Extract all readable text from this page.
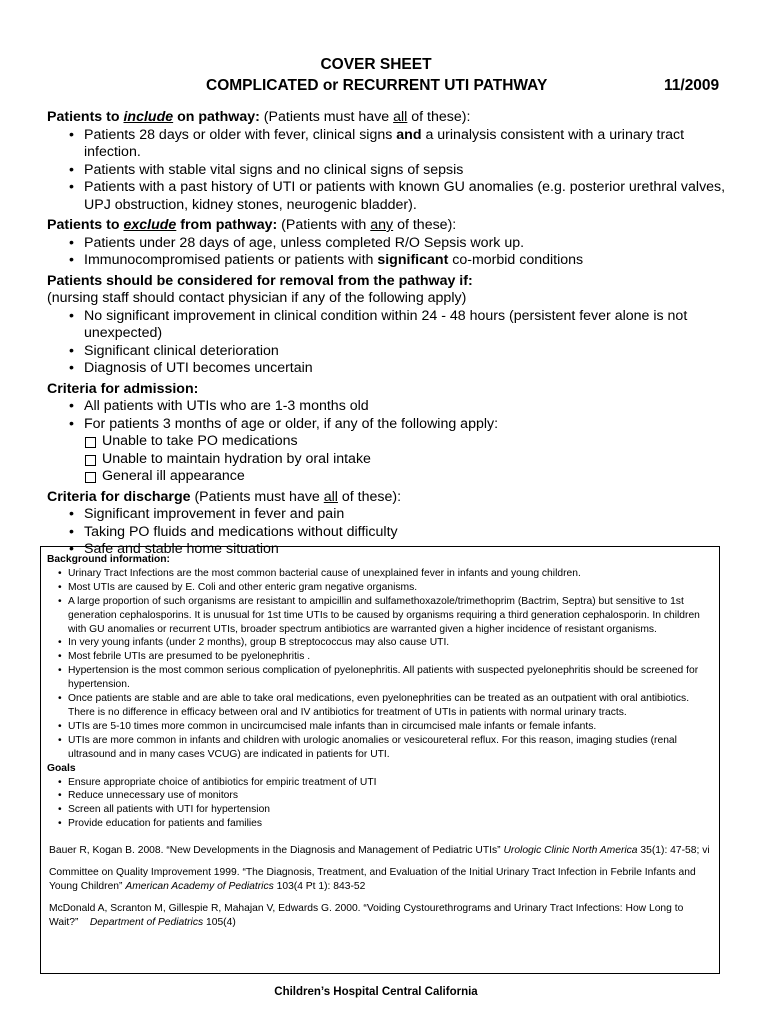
COVER SHEET
COMPLICATED or RECURRENT UTI PATHWAY	11/2009
Patients to include on pathway: (Patients must have all of these):
• Patients 28 days or older with fever, clinical signs and a urinalysis consistent with a urinary tract infection.
• Patients with stable vital signs and no clinical signs of sepsis
• Patients with a past history of UTI or patients with known GU anomalies (e.g. posterior urethral valves, UPJ obstruction, kidney stones, neurogenic bladder).
Patients to exclude from pathway: (Patients with any of these):
• Patients under 28 days of age, unless completed R/O Sepsis work up.
• Immunocompromised patients or patients with significant co-morbid conditions
Patients should be considered for removal from the pathway if:
(nursing staff should contact physician if any of the following apply)
• No significant improvement in clinical condition within 24 - 48 hours (persistent fever alone is not unexpected)
• Significant clinical deterioration
• Diagnosis of UTI becomes uncertain
Criteria for admission:
• All patients with UTIs who are 1-3 months old
• For patients 3 months of age or older, if any of the following apply:
Unable to take PO medications
Unable to maintain hydration by oral intake
General ill appearance
Criteria for discharge (Patients must have all of these):
• Significant improvement in fever and pain
• Taking PO fluids and medications without difficulty
• Safe and stable home situation
Background information:
• Urinary Tract Infections are the most common bacterial cause of unexplained fever in infants and young children.
• Most UTIs are caused by E. Coli and other enteric gram negative organisms.
• A large proportion of such organisms are resistant to ampicillin and sulfamethoxazole/trimethoprim (Bactrim, Septra) but sensitive to 1st generation cephalosporins. It is unusual for 1st time UTIs to be caused by organisms requiring a third generation cephalosporin. In children with GU anomalies or recurrent UTIs, broader spectrum antibiotics are warranted given a higher incidence of resistant organisms.
• In very young infants (under 2 months), group B streptococcus may also cause UTI.
• Most febrile UTIs are presumed to be pyelonephritis .
• Hypertension is the most common serious complication of pyelonephritis. All patients with suspected pyelonephritis should be screened for hypertension.
• Once patients are stable and are able to take oral medications, even pyelonephrities can be treated as an outpatient with oral antibiotics. There is no difference in efficacy between oral and IV antibiotics for treatment of UTIs in patients with normal urinary tracts.
• UTIs are 5-10 times more common in uncircumcised male infants than in circumcised male infants or female infants.
• UTIs are more common in infants and children with urologic anomalies or vesicoureteral reflux. For this reason, imaging studies (renal ultrasound and in many cases VCUG) are indicated in patients for UTI.
Goals
• Ensure appropriate choice of antibiotics for empiric treatment of UTI
• Reduce unnecessary use of monitors
• Screen all patients with UTI for hypertension
• Provide education for patients and families
Bauer R, Kogan B. 2008. “New Developments in the Diagnosis and Management of Pediatric UTIs” Urologic Clinic North America 35(1): 47-58; vi
Committee on Quality Improvement 1999. “The Diagnosis, Treatment, and Evaluation of the Initial Urinary Tract Infection in Febrile Infants and Young Children” American Academy of Pediatrics 103(4 Pt 1): 843-52
McDonald A, Scranton M, Gillespie R, Mahajan V, Edwards G. 2000. “Voiding Cystourethrograms and Urinary Tract Infections: How Long to Wait?”    Department of Pediatrics 105(4)
Children’s Hospital Central California
